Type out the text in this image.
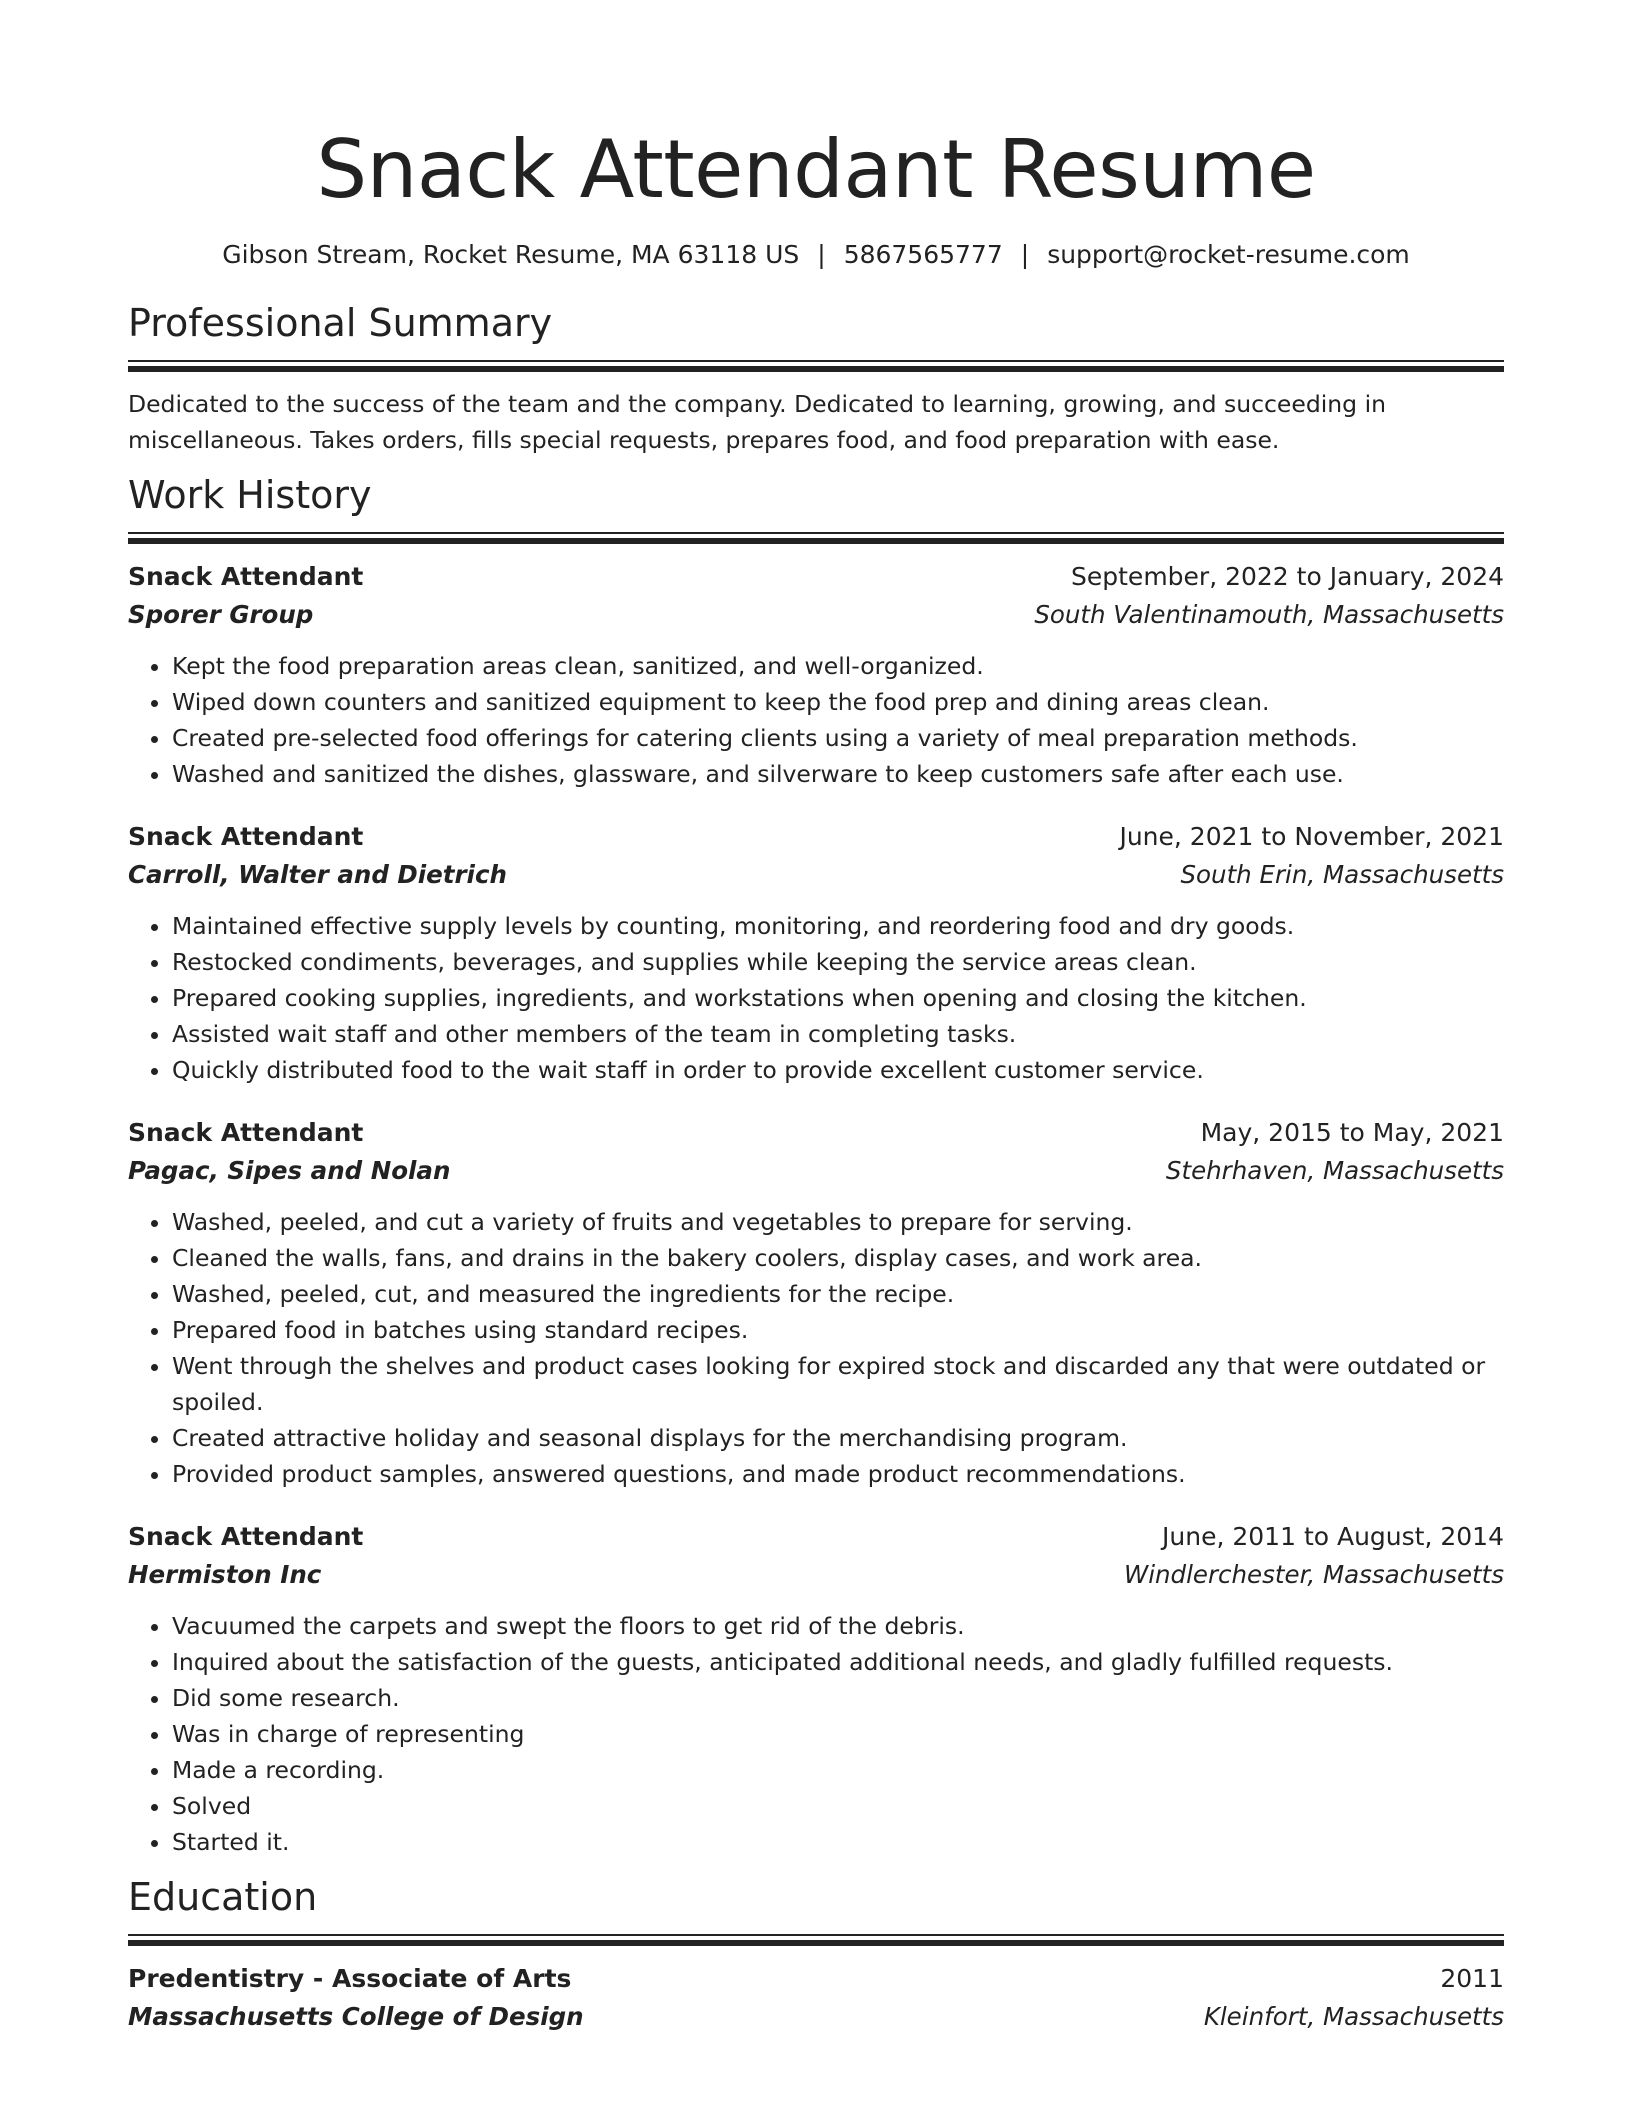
Snack Attendant Resume
Gibson Stream, Rocket Resume, MA 63118 US | 5867565777 | support@rocket-resume.com
Professional Summary

Dedicated to the success of the team and the company. Dedicated to learning, growing, and succeeding in miscellaneous. Takes orders, fills special requests, prepares food, and food preparation with ease.

Work History
Snack Attendant	September, 2022 to January, 2024
Sporer Group	South Valentinamouth, Massachusetts
• Kept the food preparation areas clean, sanitized, and well-organized.
• Wiped down counters and sanitized equipment to keep the food prep and dining areas clean.
• Created pre-selected food offerings for catering clients using a variety of meal preparation methods.
• Washed and sanitized the dishes, glassware, and silverware to keep customers safe after each use.
Snack Attendant	June, 2021 to November, 2021
Carroll, Walter and Dietrich	South Erin, Massachusetts
• Maintained effective supply levels by counting, monitoring, and reordering food and dry goods.
• Restocked condiments, beverages, and supplies while keeping the service areas clean.
• Prepared cooking supplies, ingredients, and workstations when opening and closing the kitchen.
• Assisted wait staff and other members of the team in completing tasks.
• Quickly distributed food to the wait staff in order to provide excellent customer service.
Snack Attendant	May, 2015 to May, 2021
Pagac, Sipes and Nolan	Stehrhaven, Massachusetts
• Washed, peeled, and cut a variety of fruits and vegetables to prepare for serving.
• Cleaned the walls, fans, and drains in the bakery coolers, display cases, and work area.
• Washed, peeled, cut, and measured the ingredients for the recipe.
• Prepared food in batches using standard recipes.
• Went through the shelves and product cases looking for expired stock and discarded any that were outdated or spoiled.
• Created attractive holiday and seasonal displays for the merchandising program.
• Provided product samples, answered questions, and made product recommendations.
Snack Attendant	June, 2011 to August, 2014
Hermiston Inc	Windlerchester, Massachusetts
• Vacuumed the carpets and swept the floors to get rid of the debris.
• Inquired about the satisfaction of the guests, anticipated additional needs, and gladly fulfilled requests.
• Did some research.
• Was in charge of representing
• Made a recording.
• Solved
• Started it.
Education
Predentistry - Associate of Arts	2011
Massachusetts College of Design	Kleinfort, Massachusetts
